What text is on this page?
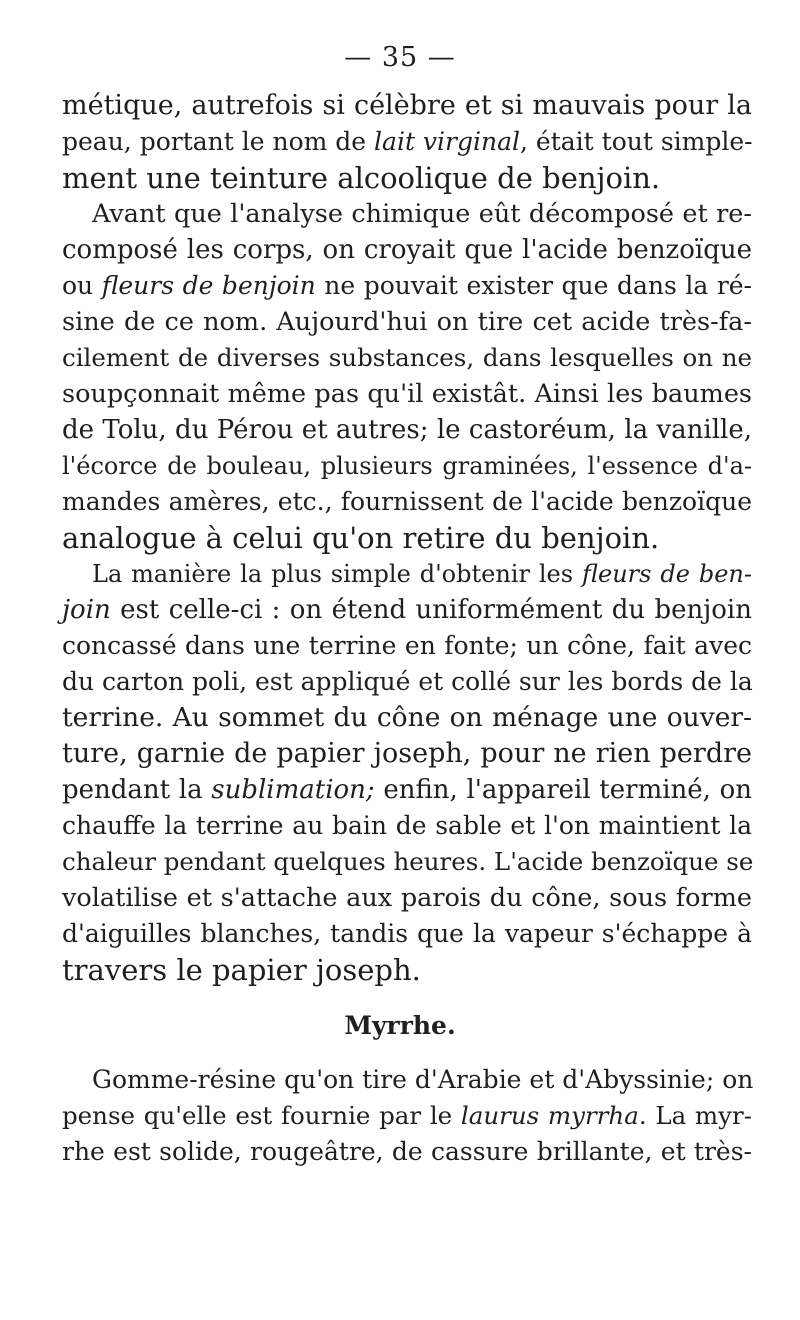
— 35 —
métique, autrefois si célèbre et si mauvais pour la
peau, portant le nom de lait virginal, était tout simple-
ment une teinture alcoolique de benjoin.
Avant que l'analyse chimique eût décomposé et re-
composé les corps, on croyait que l'acide benzoïque
ou fleurs de benjoin ne pouvait exister que dans la ré-
sine de ce nom. Aujourd'hui on tire cet acide très-fa-
cilement de diverses substances, dans lesquelles on ne
soupçonnait même pas qu'il existât. Ainsi les baumes
de Tolu, du Pérou et autres; le castoréum, la vanille,
l'écorce de bouleau, plusieurs graminées, l'essence d'a-
mandes amères, etc., fournissent de l'acide benzoïque
analogue à celui qu'on retire du benjoin.
La manière la plus simple d'obtenir les fleurs de ben-
join est celle-ci : on étend uniformément du benjoin
concassé dans une terrine en fonte; un cône, fait avec
du carton poli, est appliqué et collé sur les bords de la
terrine. Au sommet du cône on ménage une ouver-
ture, garnie de papier joseph, pour ne rien perdre
pendant la sublimation; enfin, l'appareil terminé, on
chauffe la terrine au bain de sable et l'on maintient la
chaleur pendant quelques heures. L'acide benzoïque se
volatilise et s'attache aux parois du cône, sous forme
d'aiguilles blanches, tandis que la vapeur s'échappe à
travers le papier joseph.
Myrrhe.
Gomme-résine qu'on tire d'Arabie et d'Abyssinie; on
pense qu'elle est fournie par le laurus myrrha. La myr-
rhe est solide, rougeâtre, de cassure brillante, et très-
